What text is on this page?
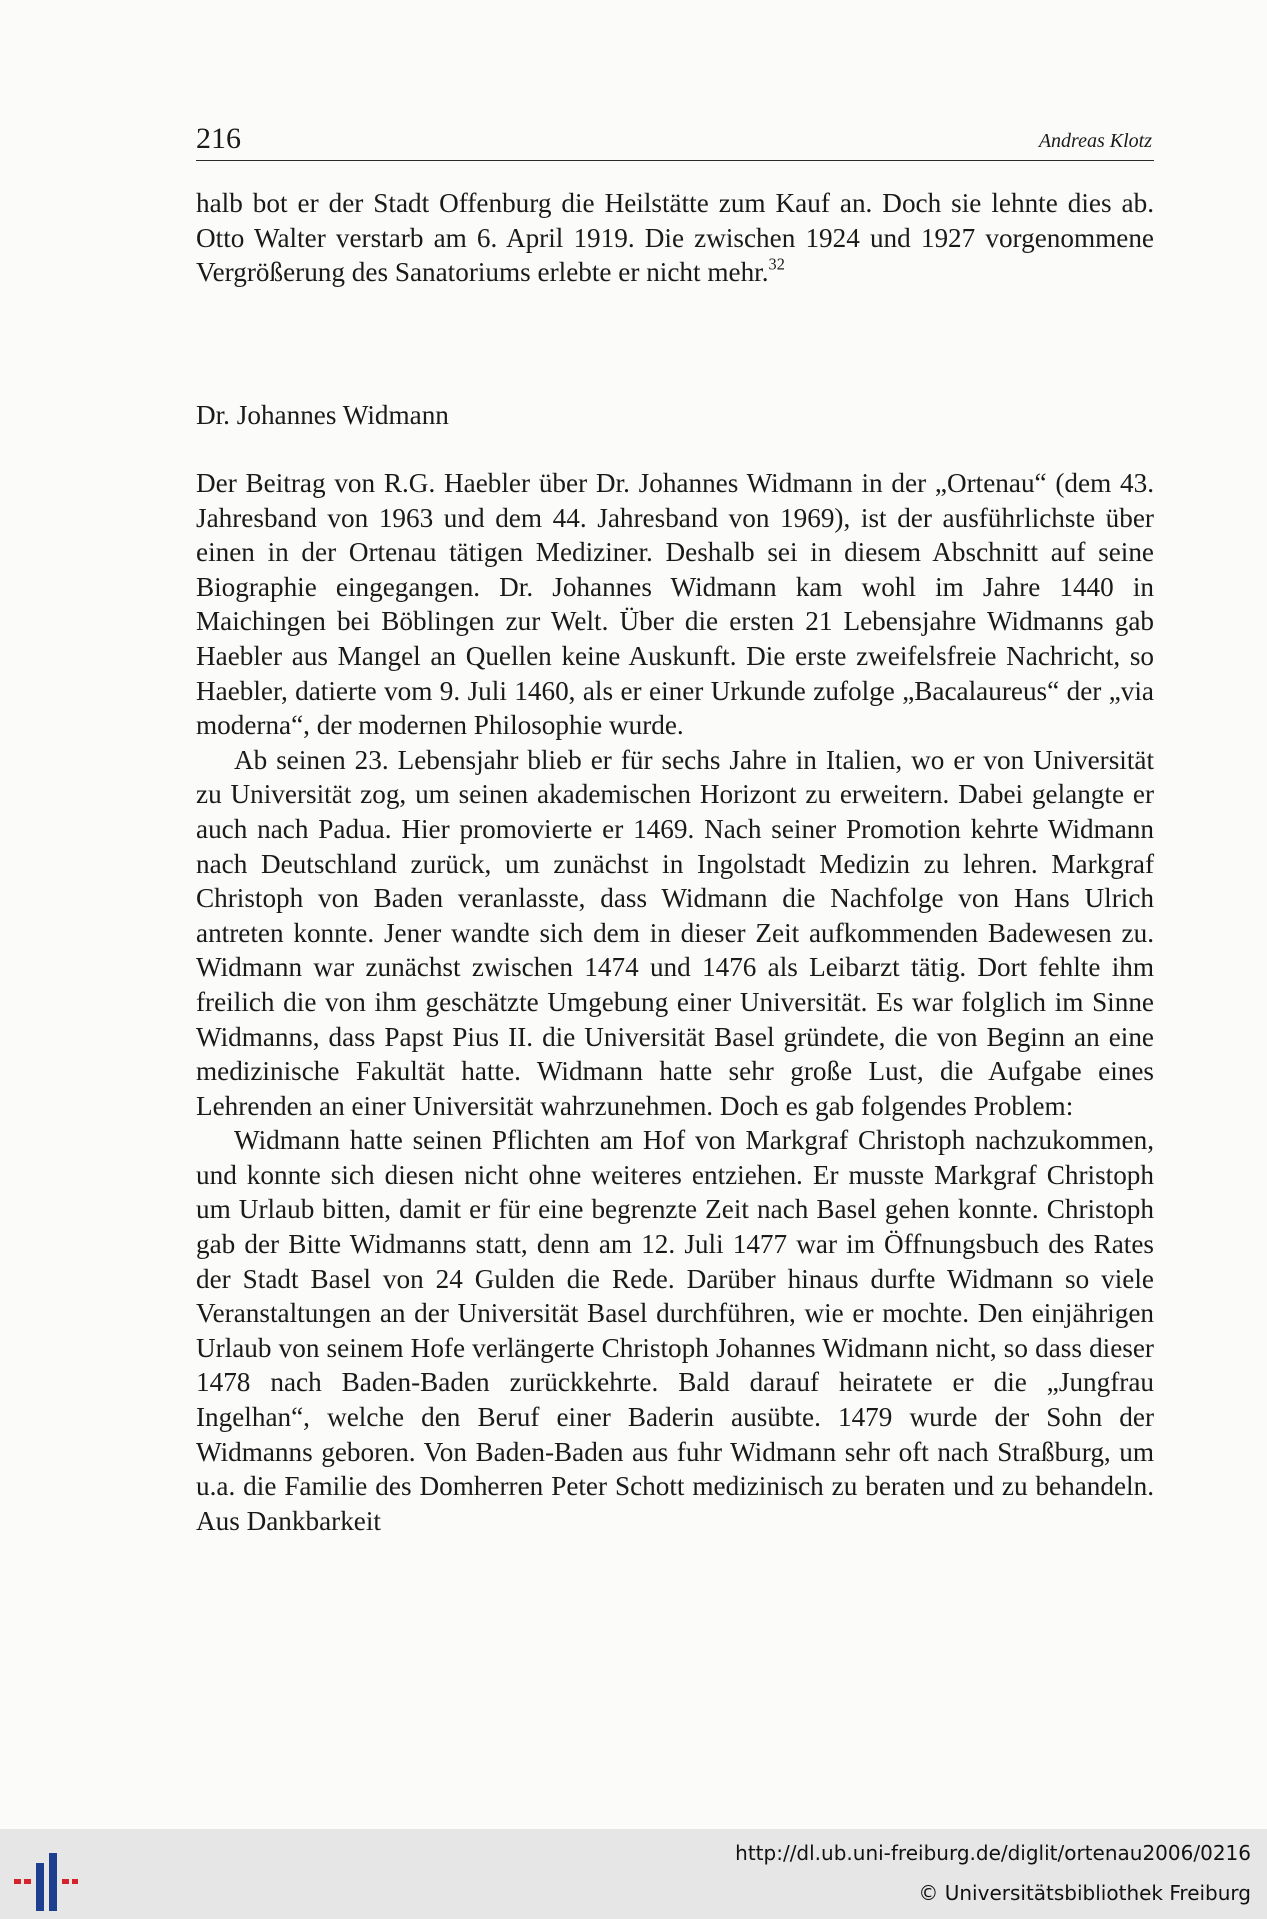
216	Andreas Klotz

halb bot er der Stadt Offenburg die Heilstätte zum Kauf an. Doch sie lehnte dies ab. Otto Walter verstarb am 6. April 1919. Die zwischen 1924 und 1927 vorgenommene Vergrößerung des Sanatoriums erlebte er nicht mehr.$^{32}$

Dr. Johannes Widmann

Der Beitrag von R.G. Haebler über Dr. Johannes Widmann in der „Ortenau“ (dem 43. Jahresband von 1963 und dem 44. Jahresband von 1969), ist der ausführlichste über einen in der Ortenau tätigen Mediziner. Deshalb sei in diesem Abschnitt auf seine Biographie eingegangen. Dr. Johannes Widmann kam wohl im Jahre 1440 in Maichingen bei Böblingen zur Welt. Über die ersten 21 Lebensjahre Widmanns gab Haebler aus Mangel an Quellen keine Auskunft. Die erste zweifelsfreie Nachricht, so Haebler, datierte vom 9. Juli 1460, als er einer Urkunde zufolge „Bacalaureus“ der „via moderna“, der modernen Philosophie wurde.

Ab seinen 23. Lebensjahr blieb er für sechs Jahre in Italien, wo er von Universität zu Universität zog, um seinen akademischen Horizont zu erweitern. Dabei gelangte er auch nach Padua. Hier promovierte er 1469. Nach seiner Promotion kehrte Widmann nach Deutschland zurück, um zunächst in Ingolstadt Medizin zu lehren. Markgraf Christoph von Baden veranlasste, dass Widmann die Nachfolge von Hans Ulrich antreten konnte. Jener wandte sich dem in dieser Zeit aufkommenden Badewesen zu. Widmann war zunächst zwischen 1474 und 1476 als Leibarzt tätig. Dort fehlte ihm freilich die von ihm geschätzte Umgebung einer Universität. Es war folglich im Sinne Widmanns, dass Papst Pius II. die Universität Basel gründete, die von Beginn an eine medizinische Fakultät hatte. Widmann hatte sehr große Lust, die Aufgabe eines Lehrenden an einer Universität wahrzunehmen. Doch es gab folgendes Problem:

Widmann hatte seinen Pflichten am Hof von Markgraf Christoph nachzukommen, und konnte sich diesen nicht ohne weiteres entziehen. Er musste Markgraf Christoph um Urlaub bitten, damit er für eine begrenzte Zeit nach Basel gehen konnte. Christoph gab der Bitte Widmanns statt, denn am 12. Juli 1477 war im Öffnungsbuch des Rates der Stadt Basel von 24 Gulden die Rede. Darüber hinaus durfte Widmann so viele Veranstaltungen an der Universität Basel durchführen, wie er mochte. Den einjährigen Urlaub von seinem Hofe verlängerte Christoph Johannes Widmann nicht, so dass dieser 1478 nach Baden-Baden zurückkehrte. Bald darauf heiratete er die „Jungfrau Ingelhan“, welche den Beruf einer Baderin ausübte. 1479 wurde der Sohn der Widmanns geboren. Von Baden-Baden aus fuhr Widmann sehr oft nach Straßburg, um u.a. die Familie des Domherren Peter Schott medizinisch zu beraten und zu behandeln. Aus Dankbarkeit

http://dl.ub.uni-freiburg.de/diglit/ortenau2006/0216
© Universitätsbibliothek Freiburg
